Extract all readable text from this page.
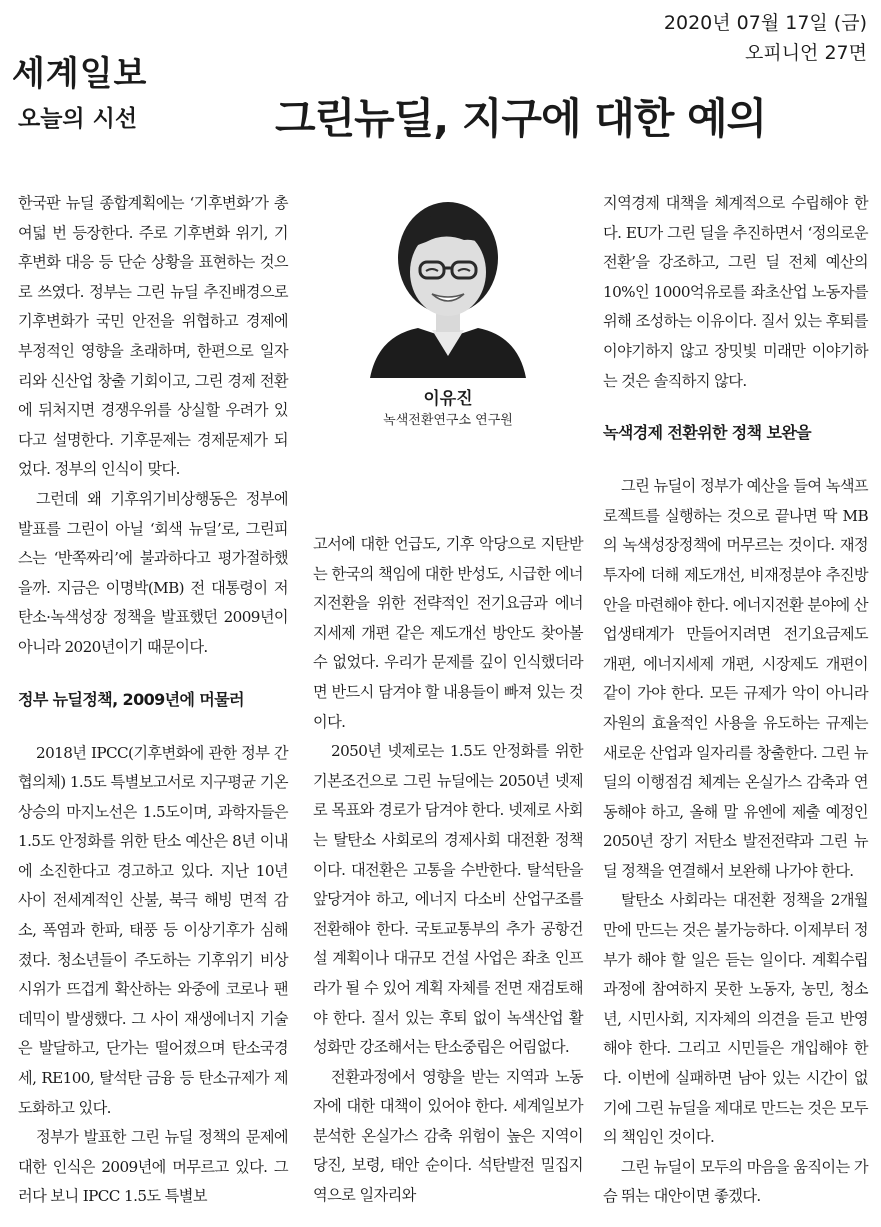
세계일보
2020년 07월 17일 (금)
오피니언 27면
오늘의 시선	그린뉴딜, 지구에 대한 예의

한국판 뉴딜 종합계획에는 ‘기후변화’가 총 여덟 번 등장한다. 주로 기후변화 위기, 기후변화 대응 등 단순 상황을 표현하는 것으로 쓰였다. 정부는 그린 뉴딜 추진배경으로 기후변화가 국민 안전을 위협하고 경제에 부정적인 영향을 초래하며, 한편으로 일자리와 신산업 창출 기회이고, 그린 경제 전환에 뒤처지면 경쟁우위를 상실할 우려가 있다고 설명한다. 기후문제는 경제문제가 되었다. 정부의 인식이 맞다.

그런데 왜 기후위기비상행동은 정부에 발표를 그린이 아닐 ‘회색 뉴딜’로, 그린피스는 ‘반쪽짜리’에 불과하다고 평가절하했을까. 지금은 이명박(MB) 전 대통령이 저탄소·녹색성장 정책을 발표했던 2009년이 아니라 2020년이기 때문이다.

정부 뉴딜정책, 2009년에 머물러

2018년 IPCC(기후변화에 관한 정부 간 협의체) 1.5도 특별보고서로 지구평균 기온 상승의 마지노선은 1.5도이며, 과학자들은 1.5도 안정화를 위한 탄소 예산은 8년 이내에 소진한다고 경고하고 있다. 지난 10년 사이 전세계적인 산불, 북극 해빙 면적 감소, 폭염과 한파, 태풍 등 이상기후가 심해졌다. 청소년들이 주도하는 기후위기 비상시위가 뜨겁게 확산하는 와중에 코로나 팬데믹이 발생했다. 그 사이 재생에너지 기술은 발달하고, 단가는 떨어졌으며 탄소국경세, RE100, 탈석탄 금융 등 탄소규제가 제도화하고 있다.

정부가 발표한 그린 뉴딜 정책의 문제에 대한 인식은 2009년에 머무르고 있다. 그러다 보니 IPCC 1.5도 특별보

이유진
녹색전환연구소 연구원

고서에 대한 언급도, 기후 악당으로 지탄받는 한국의 책임에 대한 반성도, 시급한 에너지전환을 위한 전략적인 전기요금과 에너지세제 개편 같은 제도개선 방안도 찾아볼 수 없었다. 우리가 문제를 깊이 인식했더라면 반드시 담겨야 할 내용들이 빠져 있는 것이다.

2050년 넷제로는 1.5도 안정화를 위한 기본조건으로 그린 뉴딜에는 2050년 넷제로 목표와 경로가 담겨야 한다. 넷제로 사회는 탈탄소 사회로의 경제사회 대전환 정책이다. 대전환은 고통을 수반한다. 탈석탄을 앞당겨야 하고, 에너지 다소비 산업구조를 전환해야 한다. 국토교통부의 추가 공항건설 계획이나 대규모 건설 사업은 좌초 인프라가 될 수 있어 계획 자체를 전면 재검토해야 한다. 질서 있는 후퇴 없이 녹색산업 활성화만 강조해서는 탄소중립은 어림없다.

전환과정에서 영향을 받는 지역과 노동자에 대한 대책이 있어야 한다. 세계일보가 분석한 온실가스 감축 위험이 높은 지역이 당진, 보령, 태안 순이다. 석탄발전 밀집지역으로 일자리와

지역경제 대책을 체계적으로 수립해야 한다. EU가 그린 딜을 추진하면서 ‘정의로운 전환’을 강조하고, 그린 딜 전체 예산의 10%인 1000억유로를 좌초산업 노동자를 위해 조성하는 이유이다. 질서 있는 후퇴를 이야기하지 않고 장밋빛 미래만 이야기하는 것은 솔직하지 않다.

녹색경제 전환위한 정책 보완을

그린 뉴딜이 정부가 예산을 들여 녹색프로젝트를 실행하는 것으로 끝나면 딱 MB의 녹색성장정책에 머무르는 것이다. 재정투자에 더해 제도개선, 비재정분야 추진방안을 마련해야 한다. 에너지전환 분야에 산업생태계가 만들어지려면 전기요금제도 개편, 에너지세제 개편, 시장제도 개편이 같이 가야 한다. 모든 규제가 악이 아니라 자원의 효율적인 사용을 유도하는 규제는 새로운 산업과 일자리를 창출한다. 그린 뉴딜의 이행점검 체계는 온실가스 감축과 연동해야 하고, 올해 말 유엔에 제출 예정인 2050년 장기 저탄소 발전전략과 그린 뉴딜 정책을 연결해서 보완해 나가야 한다.

탈탄소 사회라는 대전환 정책을 2개월 만에 만드는 것은 불가능하다. 이제부터 정부가 해야 할 일은 듣는 일이다. 계획수립 과정에 참여하지 못한 노동자, 농민, 청소년, 시민사회, 지자체의 의견을 듣고 반영해야 한다. 그리고 시민들은 개입해야 한다. 이번에 실패하면 남아 있는 시간이 없기에 그린 뉴딜을 제대로 만드는 것은 모두의 책임인 것이다.

그린 뉴딜이 모두의 마음을 움직이는 가슴 뛰는 대안이면 좋겠다.
